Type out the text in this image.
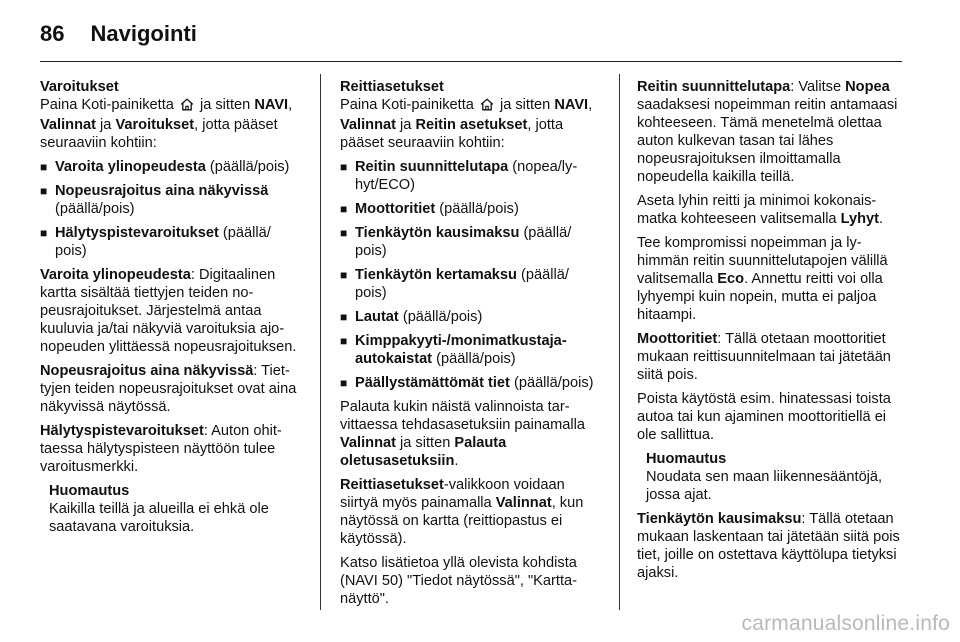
86 Navigointi

Varoitukset
Paina Koti-painiketta  ja sitten NAVI, Valinnat ja Varoitukset, jotta pääset seuraaviin kohtiin:

■ Varoita ylinopeudesta (päällä/pois)
■ Nopeusrajoitus aina näkyvissä (päällä/pois)
■ Hälytyspistevaroitukset (päällä/ pois)

Varoita ylinopeudesta: Digitaalinen kartta sisältää tiettyjen teiden nopeusrajoitukset. Järjestelmä antaa kuuluvia ja/tai näkyviä varoituksia ajonopeuden ylittäessä nopeusrajoituksen.

Nopeusrajoitus aina näkyvissä: Tiettyjen teiden nopeusrajoitukset ovat aina näkyvissä näytössä.

Hälytyspistevaroitukset: Auton ohittaessa hälytyspisteen näyttöön tulee varoitusmerkki.

Huomautus
Kaikilla teillä ja alueilla ei ehkä ole saatavana varoituksia.

Reittiasetukset
Paina Koti-painiketta  ja sitten NAVI, Valinnat ja Reitin asetukset, jotta pääset seuraaviin kohtiin:

■ Reitin suunnittelutapa (nopea/lyhyt/ECO)
■ Moottoritiet (päällä/pois)
■ Tienkäytön kausimaksu (päällä/ pois)
■ Tienkäytön kertamaksu (päällä/ pois)
■ Lautat (päällä/pois)
■ Kimppakyyti-/monimatkustajaautokaistat (päällä/pois)
■ Päällystämättömät tiet (päällä/pois)

Palauta kukin näistä valinnoista tarvittaessa tehdasasetuksiin painamalla Valinnat ja sitten Palauta oletusasetuksiin.

Reittiasetukset-valikkoon voidaan siirtyä myös painamalla Valinnat, kun näytössä on kartta (reittiopastus ei käytössä).

Katso lisätietoa yllä olevista kohdista (NAVI 50) "Tiedot näytössä", "Karttanäyttö".

Reitin suunnittelutapa: Valitse Nopea saadaksesi nopeimman reitin antamaasi kohteeseen. Tämä menetelmä olettaa auton kulkevan tasan tai lähes nopeusrajoituksen ilmoittamalla nopeudella kaikilla teillä.

Aseta lyhin reitti ja minimoi kokonaismatka kohteeseen valitsemalla Lyhyt.

Tee kompromissi nopeimman ja lyhimmän reitin suunnittelutapojen välillä valitsemalla Eco. Annettu reitti voi olla lyhyempi kuin nopein, mutta ei paljoa hitaampi.

Moottoritiet: Tällä otetaan moottoritiet mukaan reittisuunnitelmaan tai jätetään siitä pois.

Poista käytöstä esim. hinatessasi toista autoa tai kun ajaminen moottoritiellä ei ole sallittua.

Huomautus
Noudata sen maan liikennesääntöjä, jossa ajat.

Tienkäytön kausimaksu: Tällä otetaan mukaan laskentaan tai jätetään siitä pois tiet, joille on ostettava käyttölupa tietyksi ajaksi.

carmanualsonline.info
